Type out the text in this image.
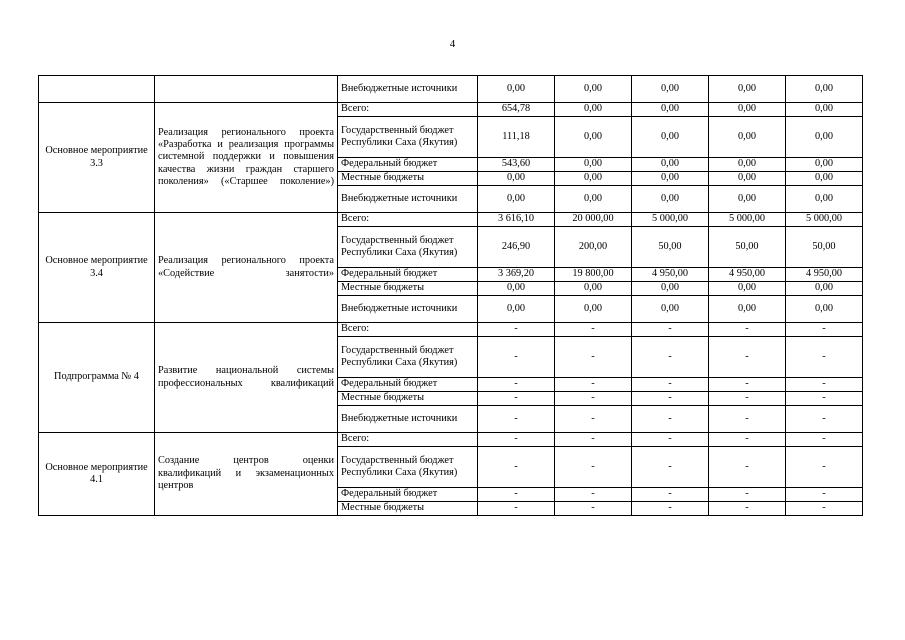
4
		Внебюджетные источники	0,00	0,00	0,00	0,00	0,00
Основное мероприятие 3.3	Реализация регионального проекта «Разработка и реализация программы системной поддержки и повышения качества жизни граждан старшего поколения» («Старшее поколение»)	Всего:	654,78	0,00	0,00	0,00	0,00
		Государственный бюджет Республики Саха (Якутия)	111,18	0,00	0,00	0,00	0,00
		Федеральный бюджет	543,60	0,00	0,00	0,00	0,00
		Местные бюджеты	0,00	0,00	0,00	0,00	0,00
		Внебюджетные источники	0,00	0,00	0,00	0,00	0,00
Основное мероприятие 3.4	Реализация регионального проекта «Содействие занятости»	Всего:	3 616,10	20 000,00	5 000,00	5 000,00	5 000,00
		Государственный бюджет Республики Саха (Якутия)	246,90	200,00	50,00	50,00	50,00
		Федеральный бюджет	3 369,20	19 800,00	4 950,00	4 950,00	4 950,00
		Местные бюджеты	0,00	0,00	0,00	0,00	0,00
		Внебюджетные источники	0,00	0,00	0,00	0,00	0,00
Подпрограмма № 4	Развитие национальной системы профессиональных квалификаций	Всего:	-	-	-	-	-
		Государственный бюджет Республики Саха (Якутия)	-	-	-	-	-
		Федеральный бюджет	-	-	-	-	-
		Местные бюджеты	-	-	-	-	-
		Внебюджетные источники	-	-	-	-	-
Основное мероприятие 4.1	Создание центров оценки квалификаций и экзаменационных центров	Всего:	-	-	-	-	-
		Государственный бюджет Республики Саха (Якутия)	-	-	-	-	-
		Федеральный бюджет	-	-	-	-	-
		Местные бюджеты	-	-	-	-	-
